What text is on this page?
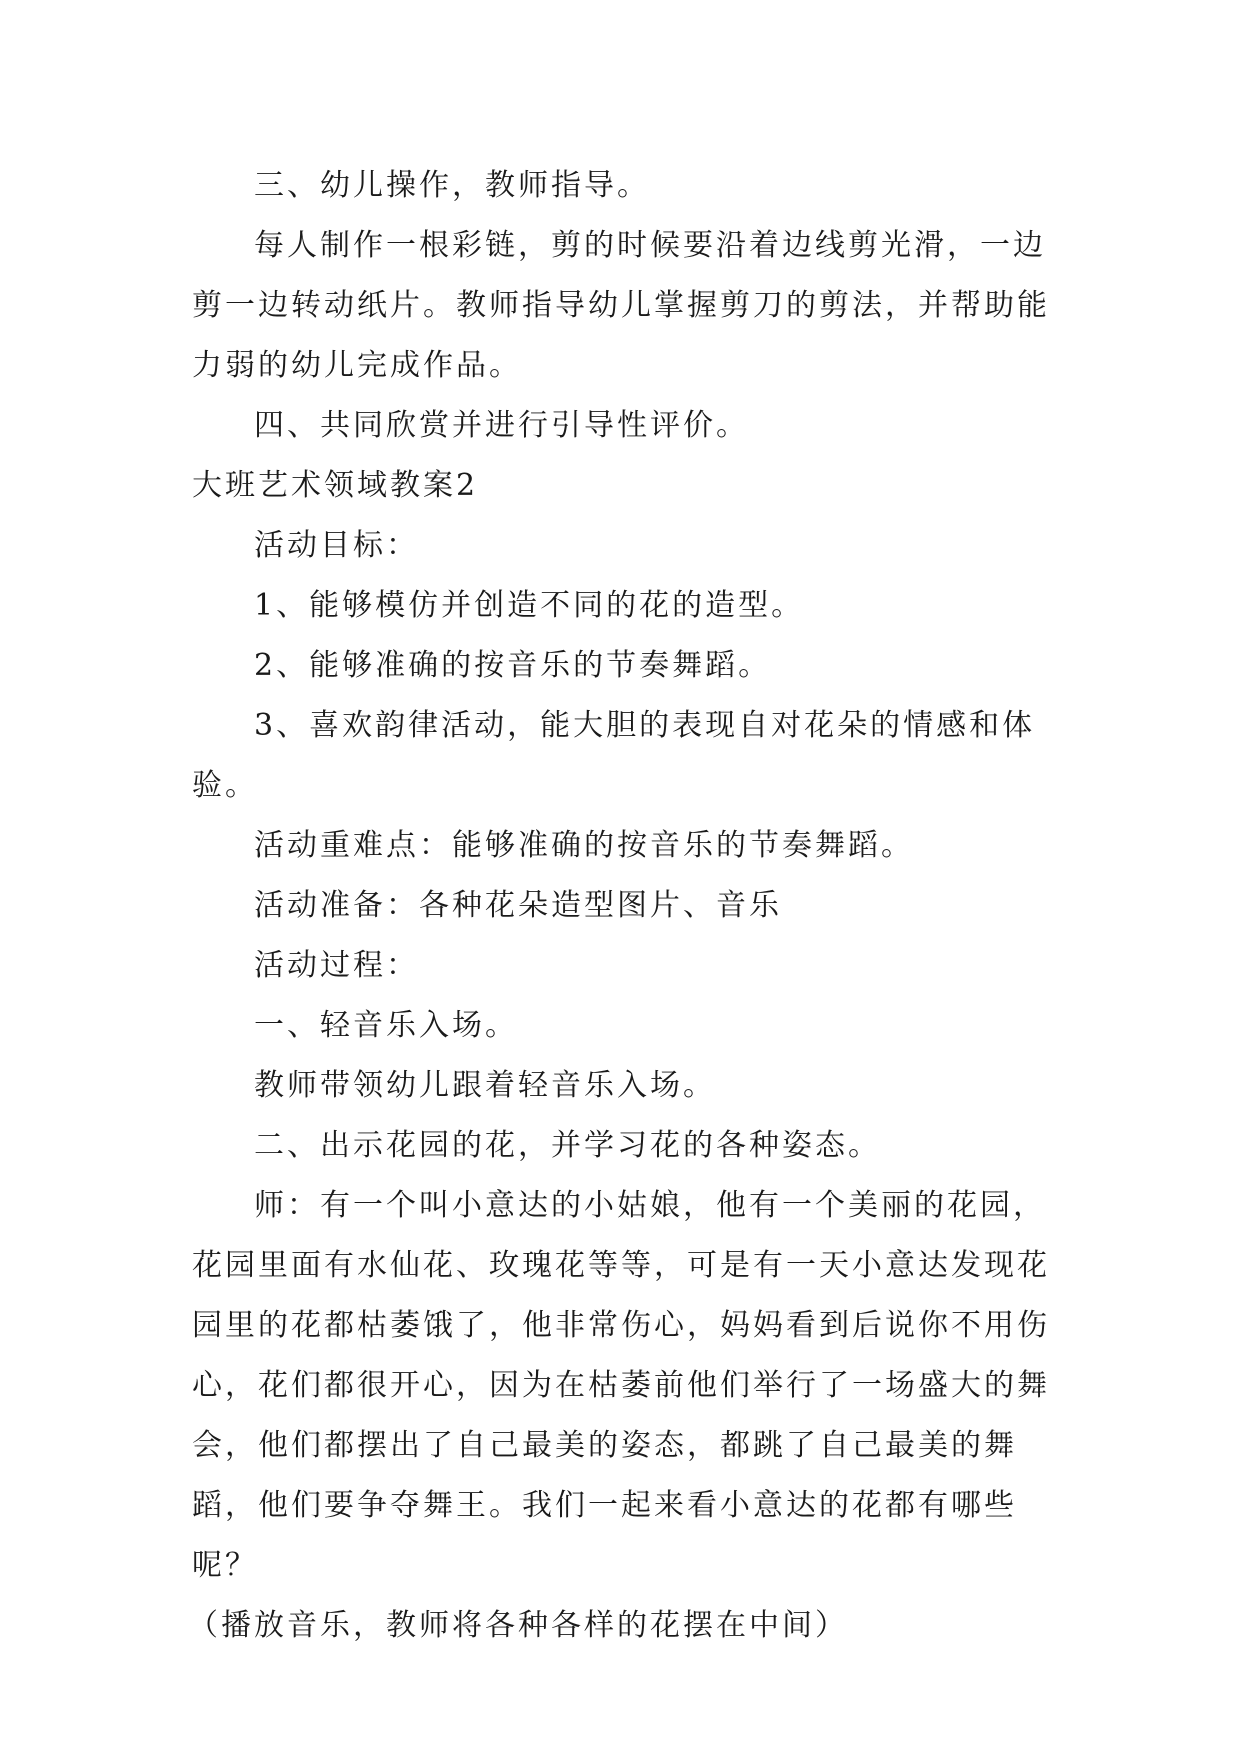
三、幼儿操作，教师指导。

每人制作一根彩链，剪的时候要沿着边线剪光滑，一边剪一边转动纸片。教师指导幼儿掌握剪刀的剪法，并帮助能力弱的幼儿完成作品。

四、共同欣赏并进行引导性评价。

大班艺术领域教案2

活动目标：

1、能够模仿并创造不同的花的造型。

2、能够准确的按音乐的节奏舞蹈。

3、喜欢韵律活动，能大胆的表现自对花朵的情感和体验。

活动重难点：能够准确的按音乐的节奏舞蹈。

活动准备：各种花朵造型图片、音乐

活动过程：

一、轻音乐入场。

教师带领幼儿跟着轻音乐入场。

二、出示花园的花，并学习花的各种姿态。

师：有一个叫小意达的小姑娘，他有一个美丽的花园，花园里面有水仙花、玫瑰花等等，可是有一天小意达发现花园里的花都枯萎饿了，他非常伤心，妈妈看到后说你不用伤心，花们都很开心，因为在枯萎前他们举行了一场盛大的舞会，他们都摆出了自己最美的姿态，都跳了自己最美的舞蹈，他们要争夺舞王。我们一起来看小意达的花都有哪些呢？

（播放音乐，教师将各种各样的花摆在中间）
